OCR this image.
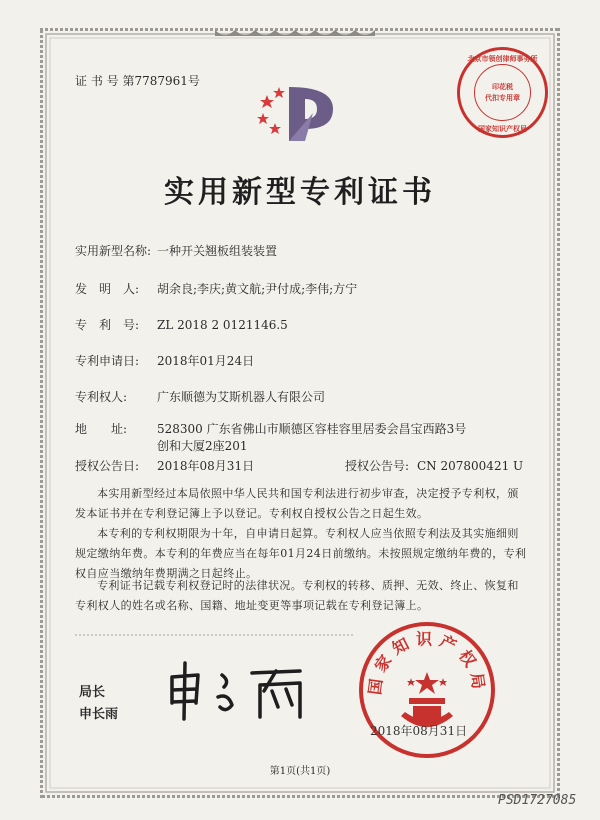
证 书 号 第7787961号
北京市领创律师事务所
印花税
代扣专用章
国家知识产权局
实用新型专利证书
实用新型名称: 一种开关翘板组装装置
发　明　人: 胡余良;李庆;黄文航;尹付成;李伟;方宁
专　利　号: ZL 2018 2 0121146.5
专利申请日: 2018年01月24日
专利权人: 广东顺德为艾斯机器人有限公司
地　　址: 528300 广东省佛山市顺德区容桂容里居委会昌宝西路3号
创和大厦2座201
授权公告日: 2018年08月31日	授权公告号: CN 207800421 U
本实用新型经过本局依照中华人民共和国专利法进行初步审查，决定授予专利权，颁发本证书并在专利登记簿上予以登记。专利权自授权公告之日起生效。
本专利的专利权期限为十年，自申请日起算。专利权人应当依照专利法及其实施细则规定缴纳年费。本专利的年费应当在每年01月24日前缴纳。未按照规定缴纳年费的，专利权自应当缴纳年费期满之日起终止。
专利证书记载专利权登记时的法律状况。专利权的转移、质押、无效、终止、恢复和专利权人的姓名或名称、国籍、地址变更等事项记载在专利登记簿上。
局长
申长雨
国家知识产权局
2018年08月31日
第1页(共1页)
PSD1727085
